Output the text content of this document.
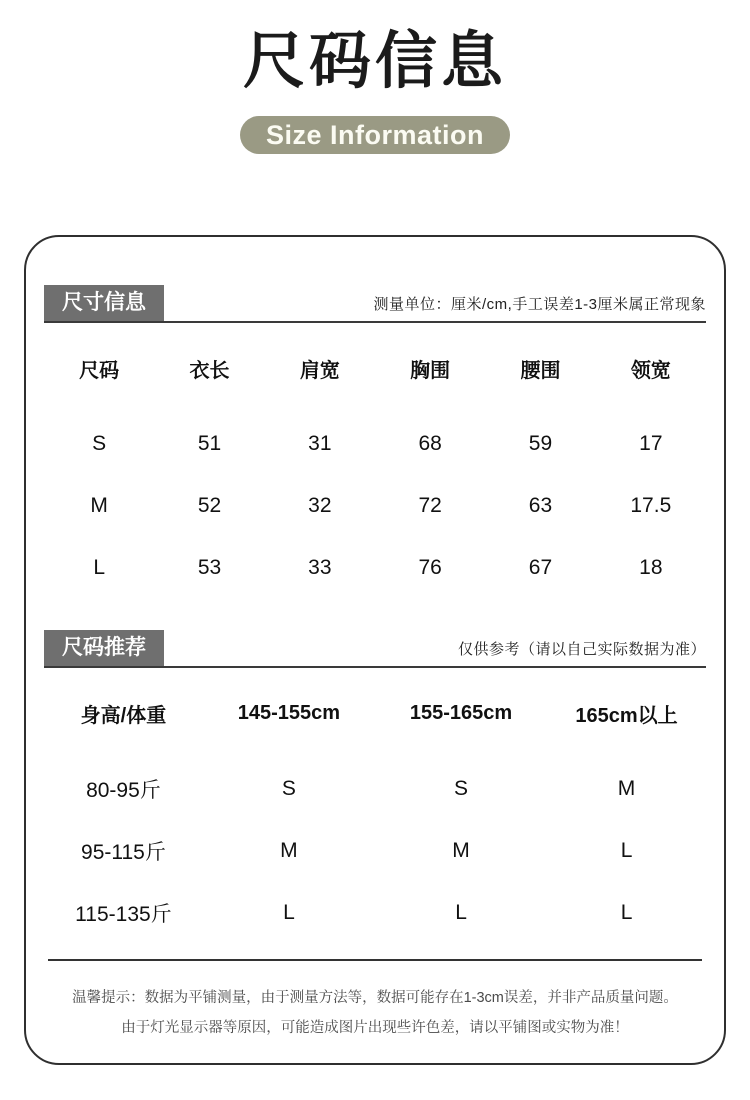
尺码信息
Size Information
尺寸信息	测量单位：厘米/cm,手工误差1-3厘米属正常现象
尺码	衣长	肩宽	胸围	腰围	领宽
S	51	31	68	59	17
M	52	32	72	63	17.5
L	53	33	76	67	18
尺码推荐	仅供参考（请以自己实际数据为准）
身高/体重	145-155cm	155-165cm	165cm以上
80-95斤	S	S	M
95-115斤	M	M	L
115-135斤	L	L	L
温馨提示：数据为平铺测量，由于测量方法等，数据可能存在1-3cm误差，并非产品质量问题。
由于灯光显示器等原因，可能造成图片出现些许色差，请以平铺图或实物为准！
